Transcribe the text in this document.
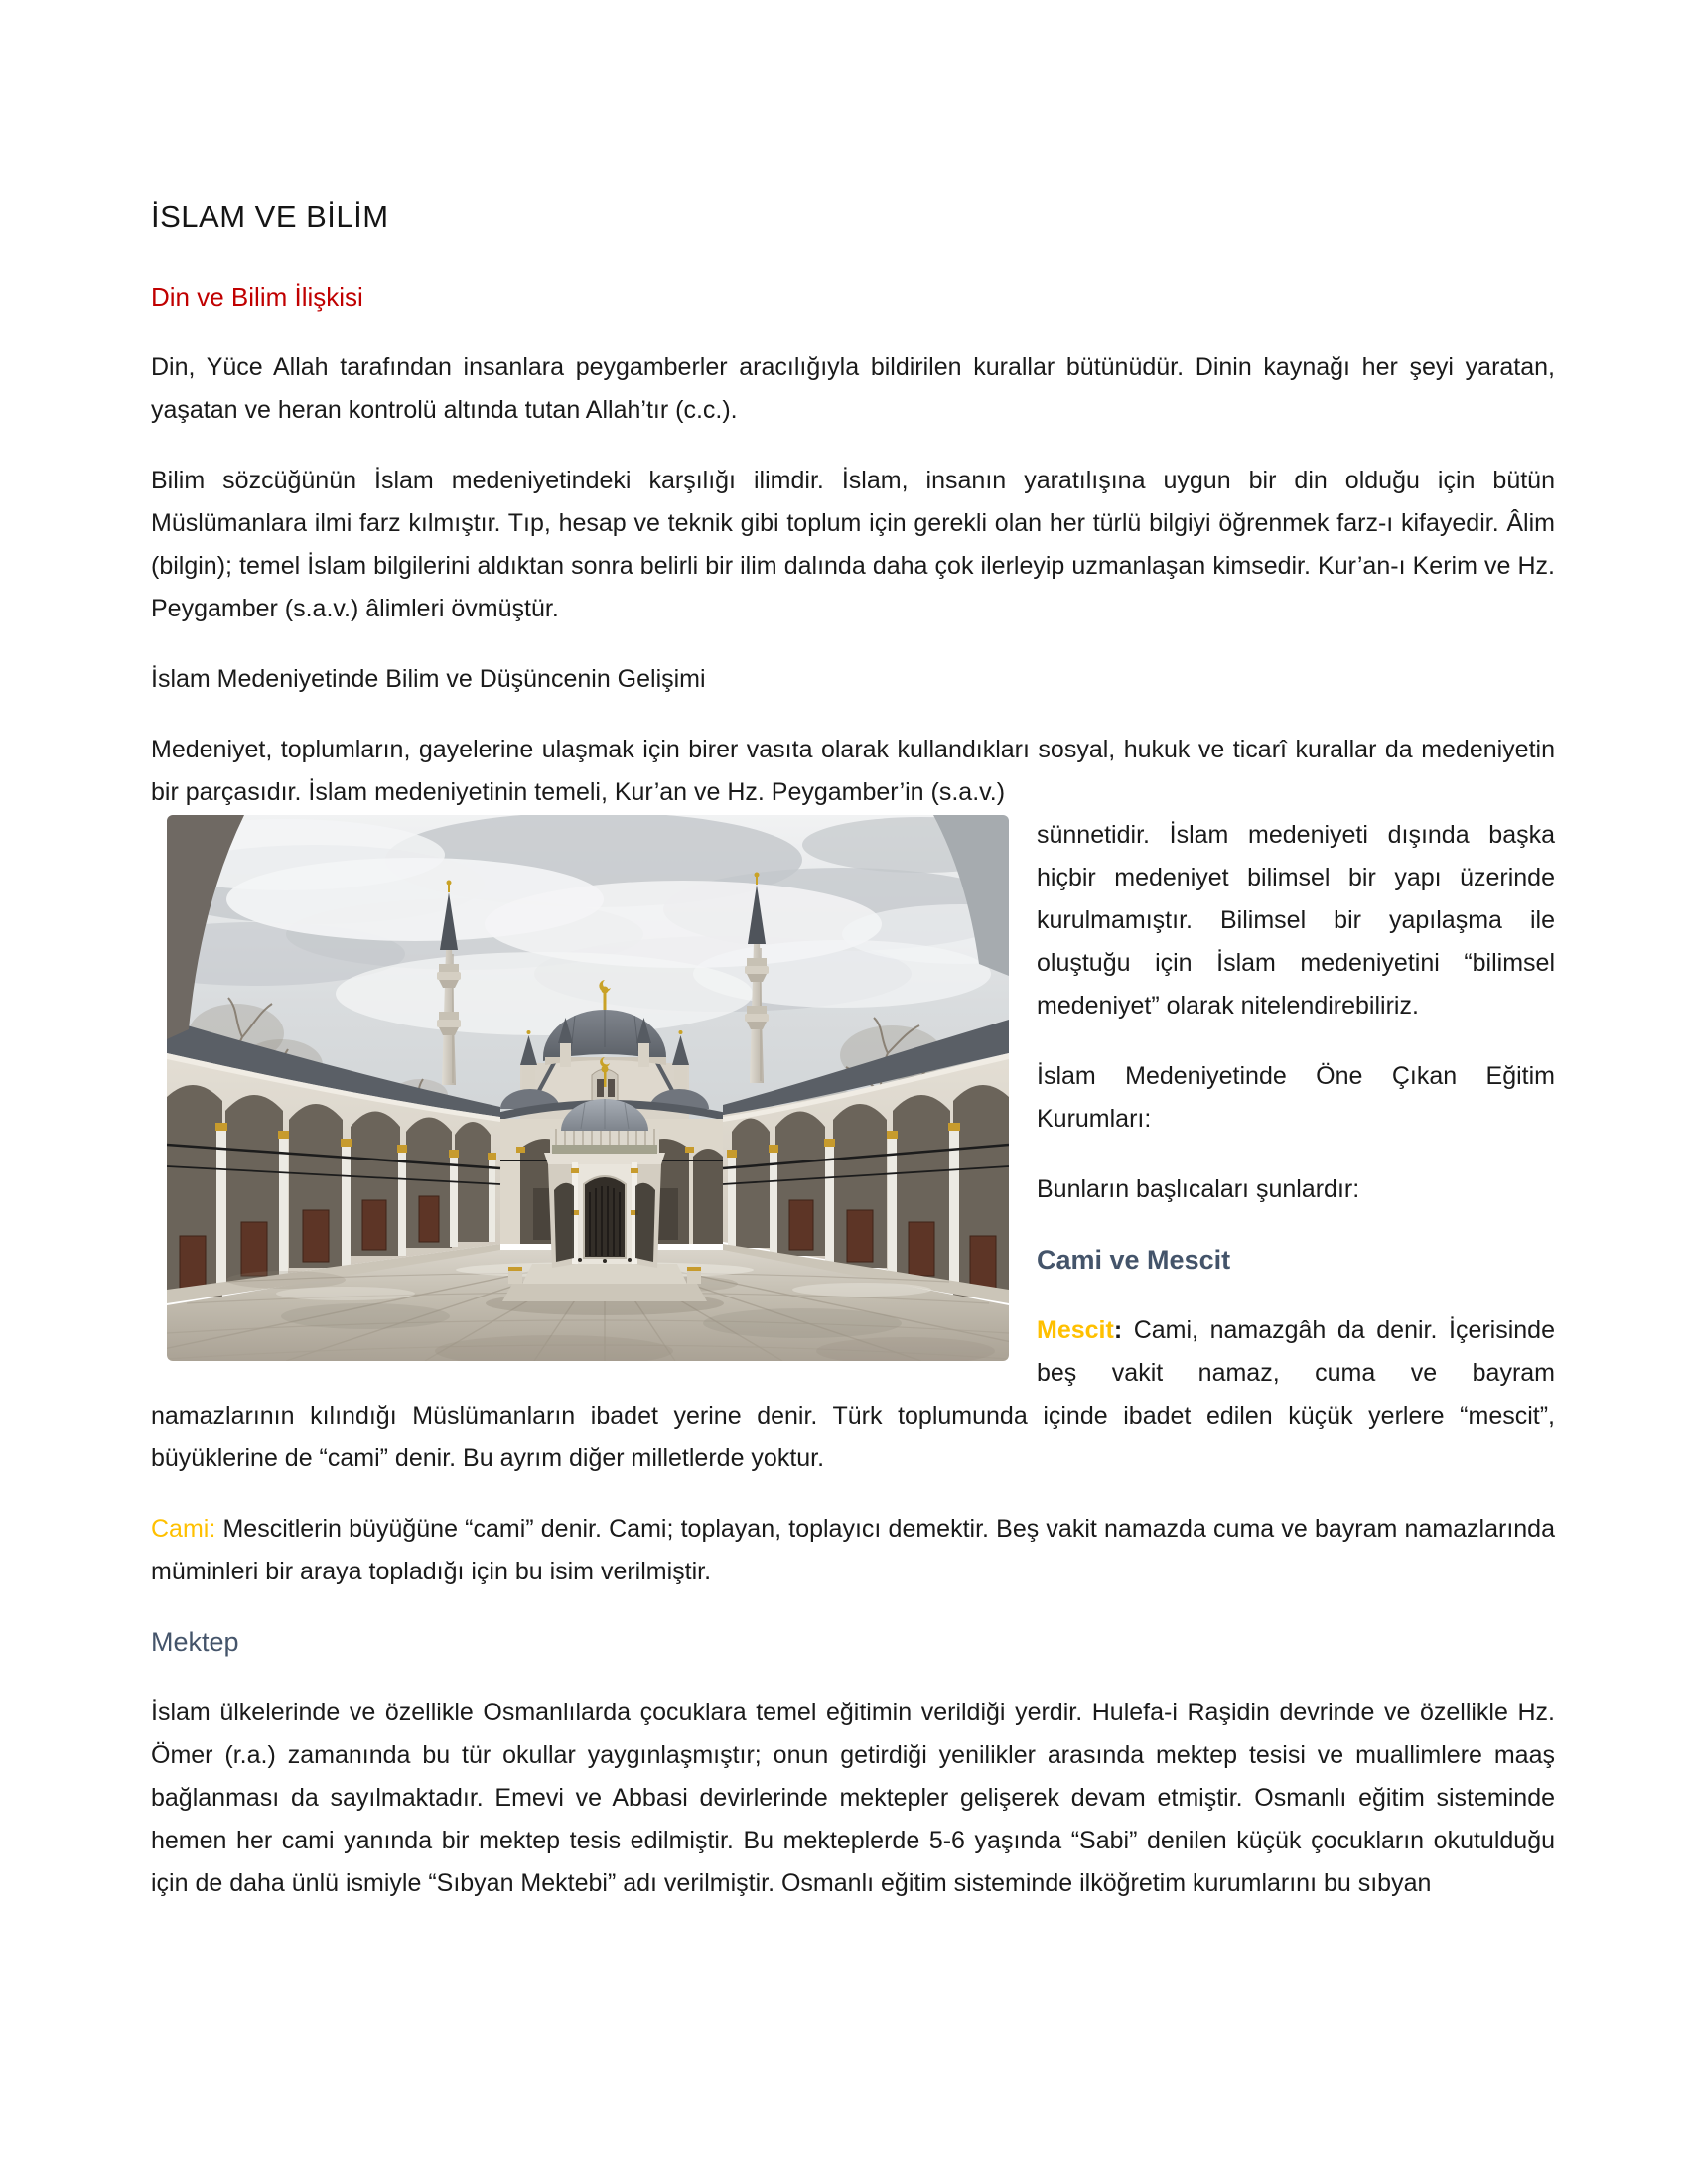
İSLAM VE BİLİM
Din ve Bilim İlişkisi

Din, Yüce Allah tarafından insanlara peygamberler aracılığıyla bildirilen kurallar bütünüdür. Dinin kaynağı her şeyi yaratan, yaşatan ve heran kontrolü altında tutan Allah’tır (c.c.).

Bilim sözcüğünün İslam medeniyetindeki karşılığı ilimdir. İslam, insanın yaratılışına uygun bir din olduğu için bütün Müslümanlara ilmi farz kılmıştır. Tıp, hesap ve teknik gibi toplum için gerekli olan her türlü bilgiyi öğrenmek farz-ı kifayedir. Âlim (bilgin); temel İslam bilgilerini aldıktan sonra belirli bir ilim dalında daha çok ilerleyip uzmanlaşan kimsedir. Kur’an-ı Kerim ve Hz. Peygamber (s.a.v.) âlimleri övmüştür.

İslam Medeniyetinde Bilim ve Düşüncenin Gelişimi

Medeniyet, toplumların, gayelerine ulaşmak için birer vasıta olarak kullandıkları sosyal, hukuk ve ticarî kurallar da medeniyetin bir parçasıdır. İslam medeniyetinin temeli, Kur’an ve Hz. Peygamber’in (s.a.v.)

sünnetidir. İslam medeniyeti dışında başka hiçbir medeniyet bilimsel bir yapı üzerinde kurulmamıştır. Bilimsel bir yapılaşma ile oluştuğu için İslam medeniyetini “bilimsel medeniyet” olarak nitelendirebiliriz.

İslam Medeniyetinde Öne Çıkan Eğitim Kurumları:

Bunların başlıcaları şunlardır:

Cami ve Mescit

Mescit: Cami, namazgâh da denir. İçerisinde beş vakit namaz, cuma ve bayram namazlarının kılındığı Müslümanların ibadet yerine denir. Türk toplumunda içinde ibadet edilen küçük yerlere “mescit”, büyüklerine de “cami” denir. Bu ayrım diğer milletlerde yoktur.

Cami: Mescitlerin büyüğüne “cami” denir. Cami; toplayan, toplayıcı demektir. Beş vakit namazda cuma ve bayram namazlarında müminleri bir araya topladığı için bu isim verilmiştir.

Mektep

İslam ülkelerinde ve özellikle Osmanlılarda çocuklara temel eğitimin verildiği yerdir. Hulefa-i Raşidin devrinde ve özellikle Hz. Ömer (r.a.) zamanında bu tür okullar yaygınlaşmıştır; onun getirdiği yenilikler arasında mektep tesisi ve muallimlere maaş bağlanması da sayılmaktadır. Emevi ve Abbasi devirlerinde mektepler gelişerek devam etmiştir. Osmanlı eğitim sisteminde hemen her cami yanında bir mektep tesis edilmiştir. Bu mekteplerde 5-6 yaşında “Sabi” denilen küçük çocukların okutulduğu için de daha ünlü ismiyle “Sıbyan Mektebi” adı verilmiştir. Osmanlı eğitim sisteminde ilköğretim kurumlarını bu sıbyan
